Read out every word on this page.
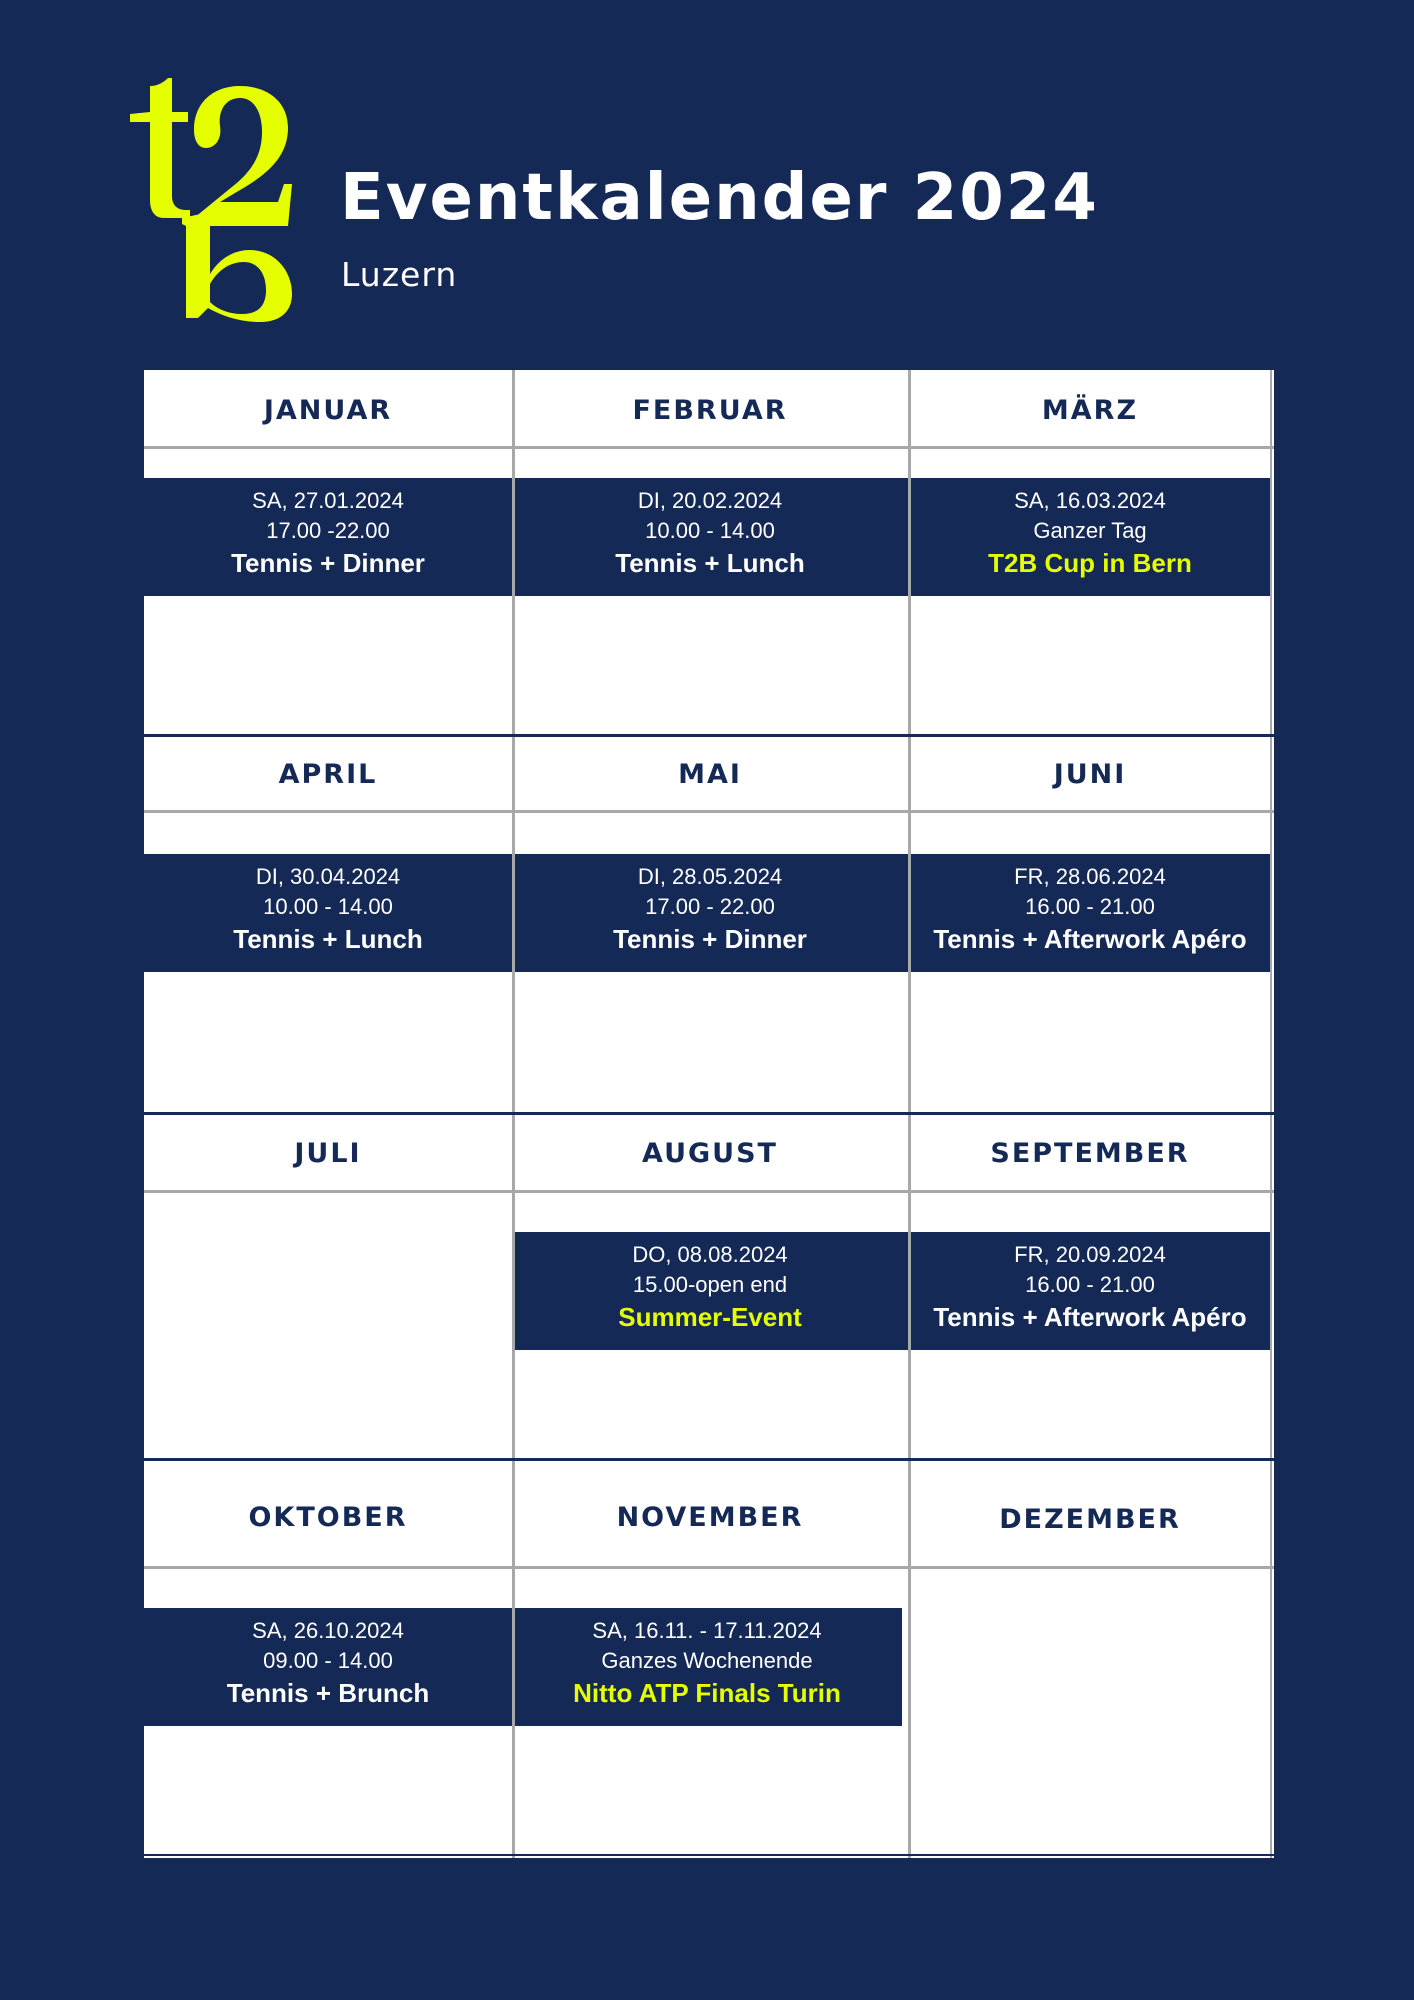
Eventkalender 2024
Luzern
JANUAR
SA, 27.01.2024
17.00 -22.00
Tennis + Dinner
FEBRUAR
DI, 20.02.2024
10.00 - 14.00
Tennis + Lunch
MÄRZ
SA, 16.03.2024
Ganzer Tag
T2B Cup in Bern
APRIL
DI, 30.04.2024
10.00 - 14.00
Tennis + Lunch
MAI
DI, 28.05.2024
17.00 - 22.00
Tennis + Dinner
JUNI
FR, 28.06.2024
16.00 - 21.00
Tennis + Afterwork Apéro
JULI	AUGUST
DO, 08.08.2024
15.00-open end
Summer-Event
SEPTEMBER
FR, 20.09.2024
16.00 - 21.00
Tennis + Afterwork Apéro
OKTOBER
SA, 26.10.2024
09.00 - 14.00
Tennis + Brunch
NOVEMBER
SA, 16.11. - 17.11.2024
Ganzes Wochenende
Nitto ATP Finals Turin
DEZEMBER
